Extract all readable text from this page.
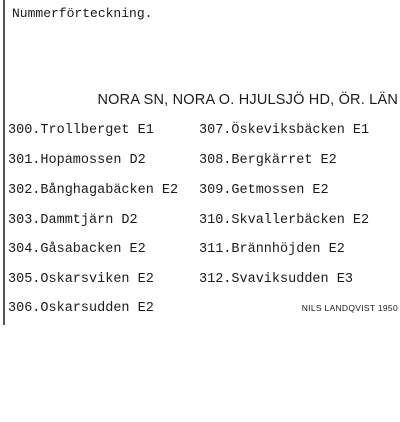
Nummerförteckning.
NORA SN, NORA O. HJULSJÖ HD, ÖR. LÄN
300.Trollberget E1
301.Hopamossen D2
302.Bånghagabäcken E2
303.Dammtjärn D2
304.Gåsabacken E2
305.Oskarsviken E2
306.Oskarsudden E2
307.Öskeviksbäcken E1
308.Bergkärret E2
309.Getmossen E2
310.Skvallerbäcken E2
311.Brännhöjden E2
312.Svaviksudden E3
NILS LANDQVIST 1950
